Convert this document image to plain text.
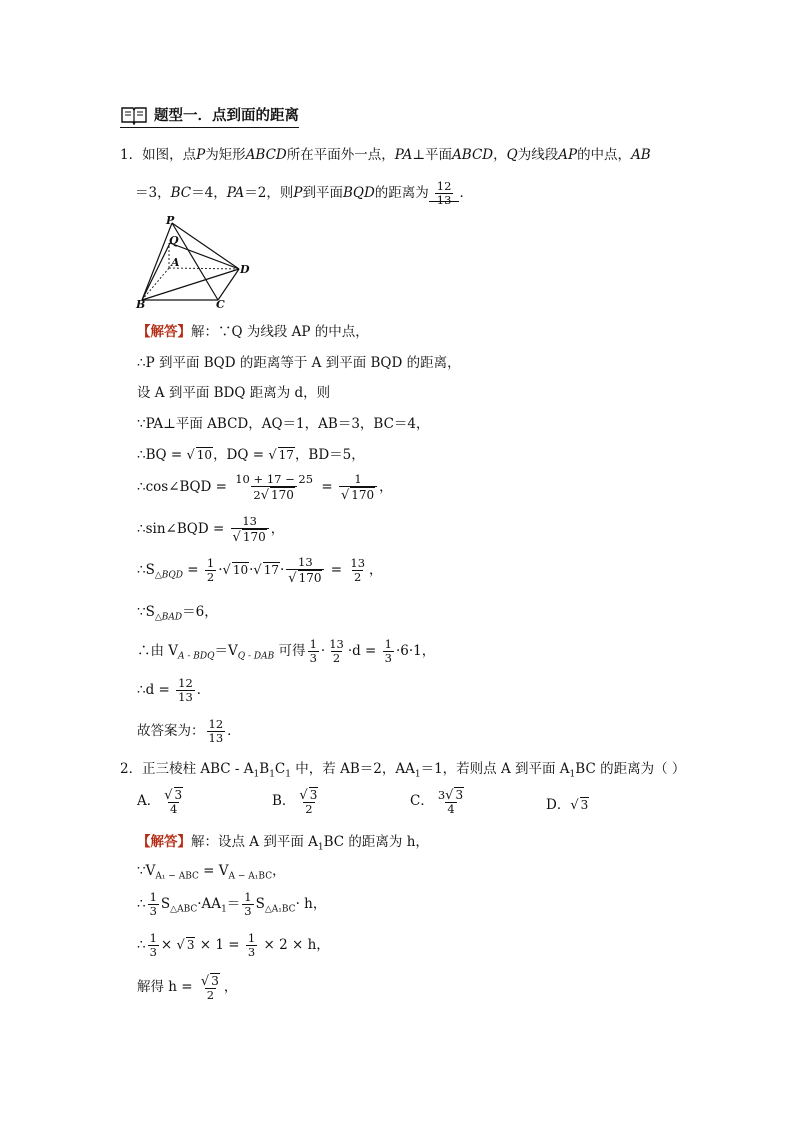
题型一．点到面的距离
1．如图，点P为矩形ABCD所在平面外一点，PA⊥平面ABCD，Q为线段AP的中点，AB
＝3，BC＝4，PA＝2，则P到平面BQD的距离为 $\frac{12}{13}$ ．
P
Q
A
D
B	C
【解答】解：∵Q 为线段 AP 的中点，
∴P 到平面 BQD 的距离等于 A 到平面 BQD 的距离，
设 A 到平面 BDQ 距离为 d，则
∵PA⊥平面 ABCD，AQ＝1，AB＝3，BC＝4，
∴BQ = √ 10，DQ = √ 17，BD＝5，
∴cos∠BQD = $\frac{10 + 17 - 25}{2√ 170} = \frac{1}{√ 170}$ ，
∴sin∠BQD = $\frac{13}{√ 170}$ ，
$\therefore S_{\triangle BQD} = \frac{1}{2}$ ·√ 10·√ $17\cdot \frac{13}{√ 170} = \frac{13}{2}$ ，
$\because S_{\triangle BAD}=6$，
∴由 $V_{A - BDQ}=V_{Q - DAB}$ 可得 $\frac{1}{3} \cdot \frac{13}{2} \cdot d = \frac{1}{3} \cdot 6\cdot 1$，
∴d = $\frac{12}{13}$ ．
故答案为： $\frac{12}{13}$ ．
2．正三棱柱 ABC - $A_1B_1C_1$ 中，若 AB＝2，$AA_1=1$，若则点 A 到平面 $A_1BC$ 的距离为（ ）
A． $\frac{√ 3}{4}$	B． $\frac{√ 3}{2}$	C． $\frac{3√ 3}{4}$	D．√ 3
【解答】解：设点 A 到平面 $A_1BC$ 的距离为 h，
$\because V_{A_1 - ABC} = V_{A - A_1BC}$，
∴ $\frac{1}{3} S_{\triangle ABC}\cdot AA_1= \frac{1}{3} S_{\triangle A_1BC}\cdot h$，
∴ $\frac{1}{3}$ × √ $3 \times 1 = \frac{1}{3} \times 2 \times h$，
解得 $h = \frac{√ 3}{2}$ ，
